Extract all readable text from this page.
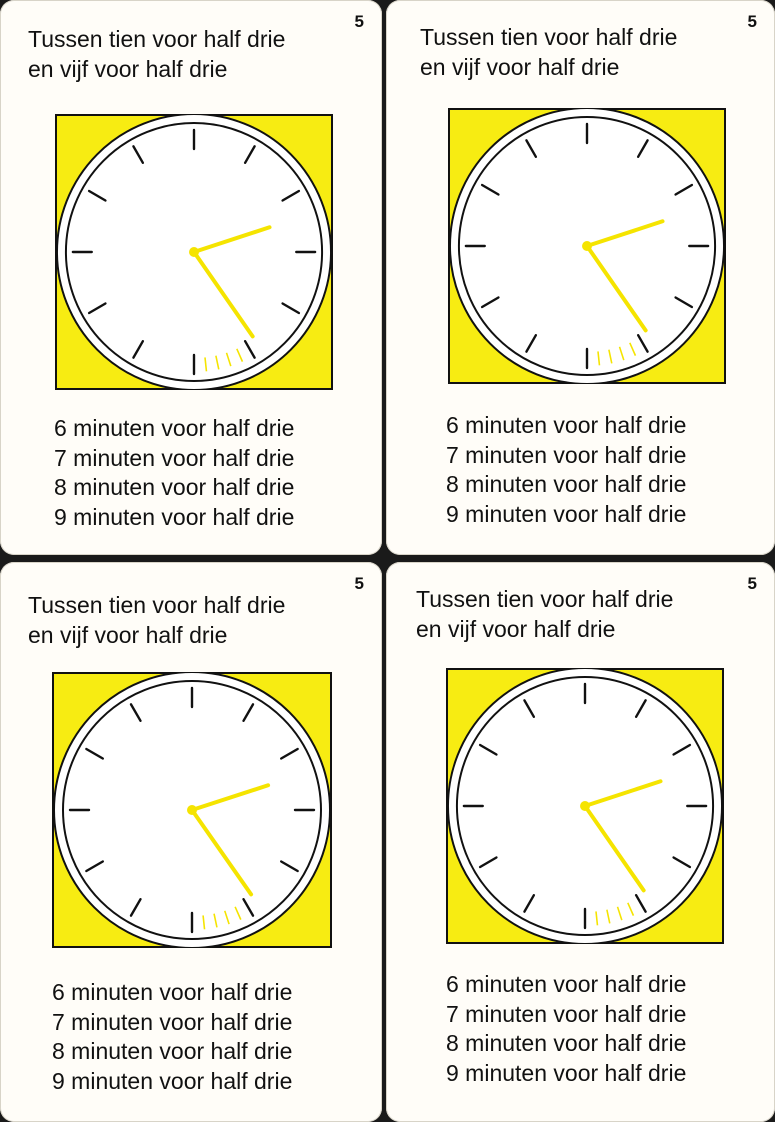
5
Tussen tien voor half drie
en vijf voor half drie
6 minuten voor half drie
7 minuten voor half drie
8 minuten voor half drie
9 minuten voor half drie
5
Tussen tien voor half drie
en vijf voor half drie
6 minuten voor half drie
7 minuten voor half drie
8 minuten voor half drie
9 minuten voor half drie
5
Tussen tien voor half drie
en vijf voor half drie
6 minuten voor half drie
7 minuten voor half drie
8 minuten voor half drie
9 minuten voor half drie
5
Tussen tien voor half drie
en vijf voor half drie
6 minuten voor half drie
7 minuten voor half drie
8 minuten voor half drie
9 minuten voor half drie
